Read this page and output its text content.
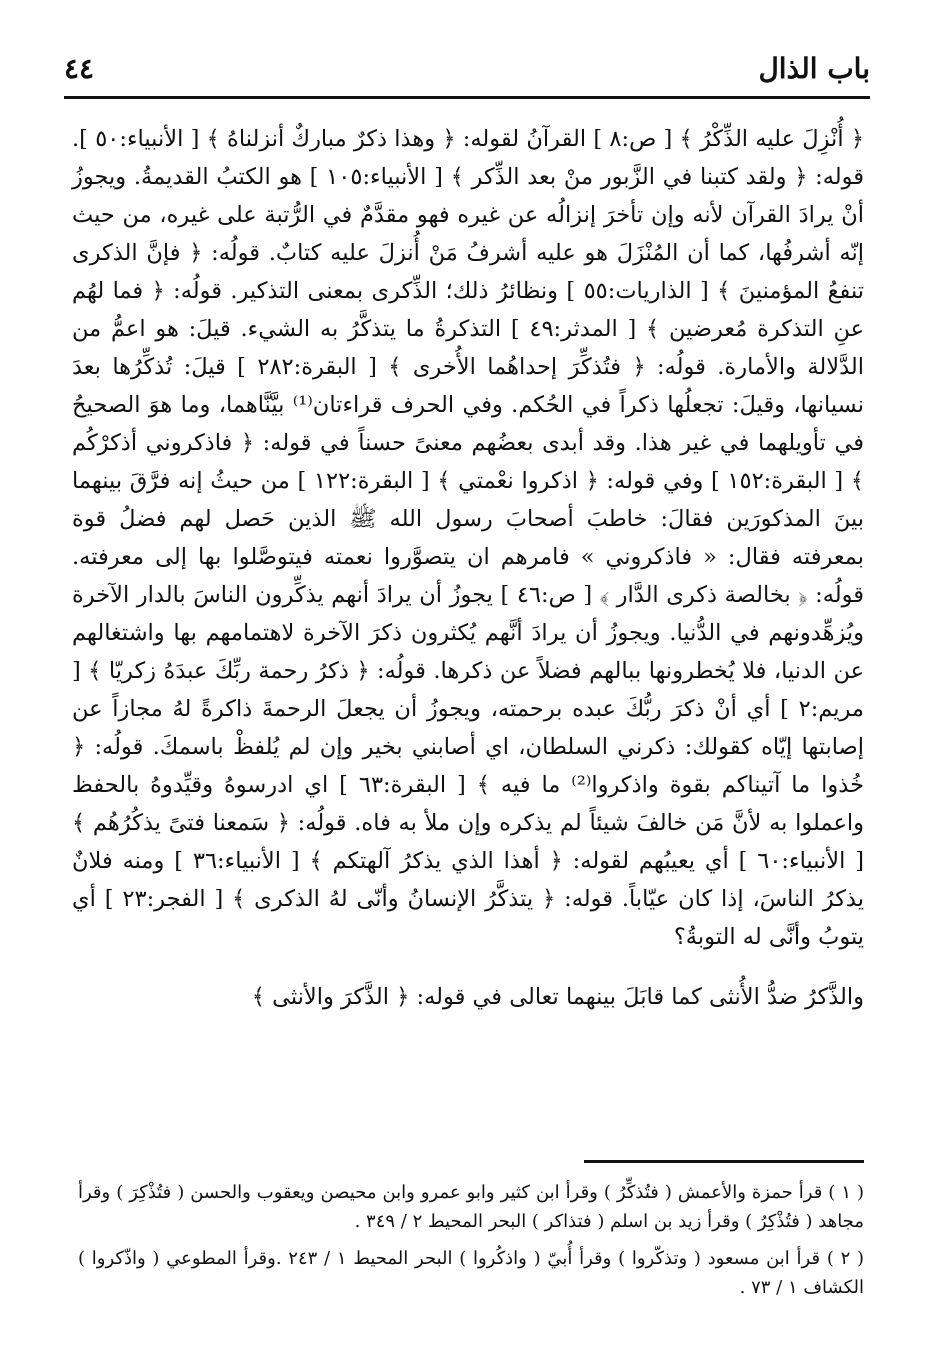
باب الذال
٤٤

﴿ أُنْزِلَ عليه الذِّكْرُ ﴾ [ ص:٨ ] القرآنُ لقوله: ﴿ وهذا ذكرٌ مباركٌ أنزلناهُ ﴾ [ الأنبياء:٥٠ ]. قوله: ﴿ ولقد كتبنا في الزَّبور منْ بعد الذِّكر ﴾ [ الأنبياء:١٠٥ ] هو الكتبُ القديمةُ. ويجوزُ أنْ يرادَ القرآن لأنه وإن تأخرَ إنزالُه عن غيره فهو مقدَّمٌ في الرُّتبة على غيره، من حيث إنّه أشرفُها، كما أن المُنْزَلَ هو عليه أشرفُ مَنْ أُنزلَ عليه كتابٌ. قولُه: ﴿ فإنَّ الذكرى تنفعُ المؤمنينَ ﴾ [ الذاريات:٥٥ ] ونظائرُ ذلك؛ الذِّكرى بمعنى التذكير. قولُه: ﴿ فما لهُم عنِ التذكرة مُعرضين ﴾ [ المدثر:٤٩ ] التذكرةُ ما يتذكَّرُ به الشيء. قيلَ: هو اعمُّ من الدَّلالة والأمارة. قولُه: ﴿ فتُذكِّرَ إحداهُما الأُخرى ﴾ [ البقرة:٢٨٢ ] قيلَ: تُذكِّرُها بعدَ نسيانها، وقيلَ: تجعلُها ذكراً في الحُكم. وفي الحرف قراءتان⁽¹⁾ بيَّنَّاهما، وما هوَ الصحيحُ في تأويلهما في غير هذا. وقد أبدى بعضُهم معنىً حسناً في قوله: ﴿ فاذكروني أذكرْكُم ﴾ [ البقرة:١٥٢ ] وفي قوله: ﴿ اذكروا نعْمتي ﴾ [ البقرة:١٢٢ ] من حيثُ إنه فرَّقَ بينهما بينَ المذكورَين فقالَ: خاطبَ أصحابَ رسول الله ﷺ الذين حَصل لهم فضلُ قوة بمعرفته فقال: « فاذكروني » فامرهم ان يتصوَّروا نعمته فيتوصَّلوا بها إلى معرفته. قولُه: ﴿ بخالصة ذكرى الدَّار ﴾ [ ص:٤٦ ] يجوزُ أن يرادَ أنهم يذكِّرون الناسَ بالدار الآخرة ويُزهِّدونهم في الدُّنيا. ويجوزُ أن يرادَ أنَّهم يُكثرون ذكرَ الآخرة لاهتمامهم بها واشتغالهم عن الدنيا، فلا يُخطرونها ببالهم فضلاً عن ذكرها. قولُه: ﴿ ذكرُ رحمة ربِّكَ عبدَهُ زكريّا ﴾ [ مريم:٢ ] أي أنْ ذكرَ ربُّكَ عبده برحمته، ويجوزُ أن يجعلَ الرحمةَ ذاكرةً لهُ مجازاً عن إصابتها إيّاه كقولك: ذكرني السلطان، اي أصابني بخير وإن لم يُلفظْ باسمكَ. قولُه: ﴿ خُذوا ما آتيناكم بقوة واذكروا⁽²⁾ ما فيه ﴾ [ البقرة:٦٣ ] اي ادرسوهُ وقيِّدوهُ بالحفظ واعملوا به لأنَّ مَن خالفَ شيئاً لم يذكره وإن ملأ به فاه. قولُه: ﴿ سَمعنا فتىً يذكُرُهُم ﴾ [ الأنبياء:٦٠ ] أي يعيبُهم لقوله: ﴿ أهذا الذي يذكرُ آلهتكم ﴾ [ الأنبياء:٣٦ ] ومنه فلانٌ يذكرُ الناسَ، إذا كان عيّاباً. قوله: ﴿ يتذكَّرُ الإنسانُ وأنّى لهُ الذكرى ﴾ [ الفجر:٢٣ ] أي يتوبُ وأنَّى له التوبةُ؟

والذَّكرُ ضدُّ الأُنثى كما قابَلَ بينهما تعالى في قوله: ﴿ الذَّكرَ والأنثى ﴾

( ١ ) قرأ حمزة والأعمش ( فتُذكِّرُ ) وقرأ ابن كثير وابو عمرو وابن محيصن ويعقوب والحسن ( فتُذْكِرَ ) وقرأ مجاهد ( فتُذْكِرُ ) وقرأ زيد بن اسلم ( فتذاكر ) البحر المحيط ٢ / ٣٤٩ .

( ٢ ) قرأ ابن مسعود ( وتذكّروا ) وقرأ أُبيّ ( واذكُروا ) البحر المحيط ١ / ٢٤٣ .وقرأ المطوعي ( واذّكروا ) الكشاف ١ / ٧٣ .
